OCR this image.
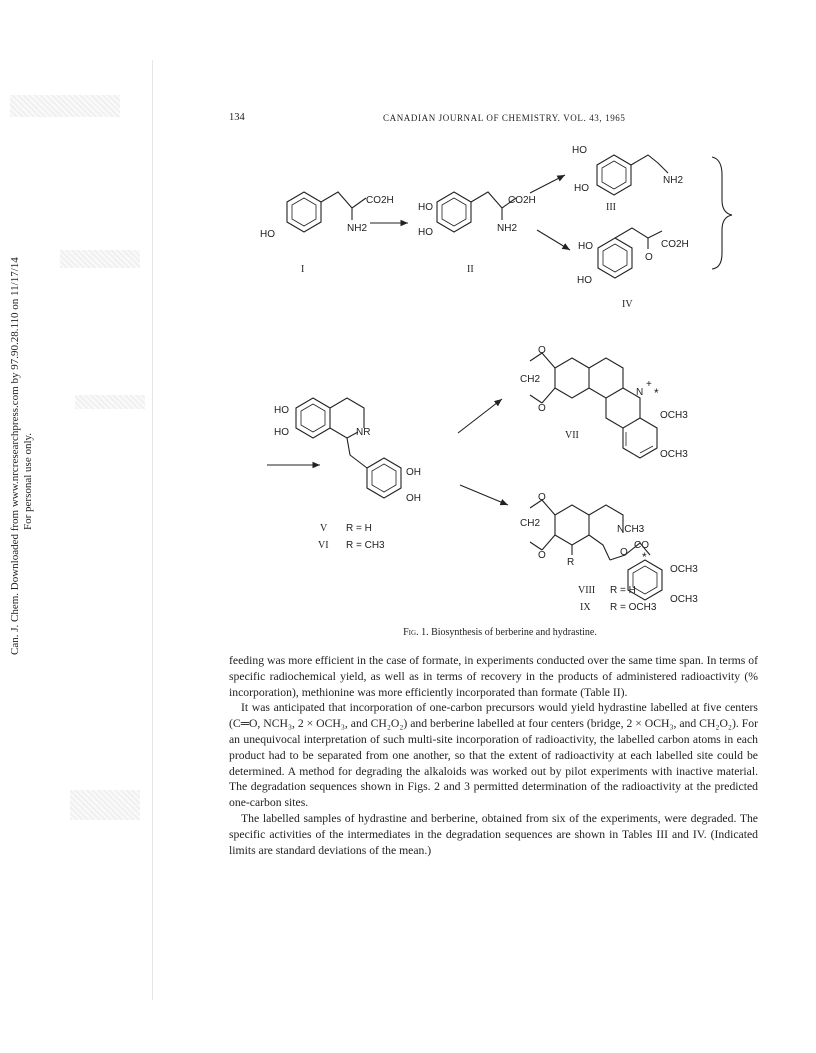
Can. J. Chem. Downloaded from www.nrcresearchpress.com by 97.90.28.110 on 11/17/14 For personal use only.
134	CANADIAN JOURNAL OF CHEMISTRY. VOL. 43, 1965
CO2H
NH2
HO
I
CO2H
NH2
HO
HO
II
HO
HO
NH2
III
CO2H
O
HO
HO
IV
HO
HO	NR
OH
OH
V R = H
VI R = CH3
O
O
CH2
N
+
*
OCH3
OCH3
VII
O
O
CH2
R
NCH3
O
CO
*
OCH3
OCH3
VIII R = H
IX R = OCH3
Fig. 1. Biosynthesis of berberine and hydrastine.

feeding was more efficient in the case of formate, in experiments conducted over the same time span. In terms of specific radiochemical yield, as well as in terms of recovery in the products of administered radioactivity (% incorporation), methionine was more efficiently incorporated than formate (Table II).

It was anticipated that incorporation of one-carbon precursors would yield hydrastine labelled at five centers (C═O, NCH₃, 2 × OCH₃, and CH₂O₂) and berberine labelled at four centers (bridge, 2 × OCH₃, and CH₂O₂). For an unequivocal interpretation of such multi-site incorporation of radioactivity, the labelled carbon atoms in each product had to be separated from one another, so that the extent of radioactivity at each labelled site could be determined. A method for degrading the alkaloids was worked out by pilot experiments with inactive material. The degradation sequences shown in Figs. 2 and 3 permitted determination of the radioactivity at the predicted one-carbon sites.

The labelled samples of hydrastine and berberine, obtained from six of the experiments, were degraded. The specific activities of the intermediates in the degradation sequences are shown in Tables III and IV. (Indicated limits are standard deviations of the mean.)
